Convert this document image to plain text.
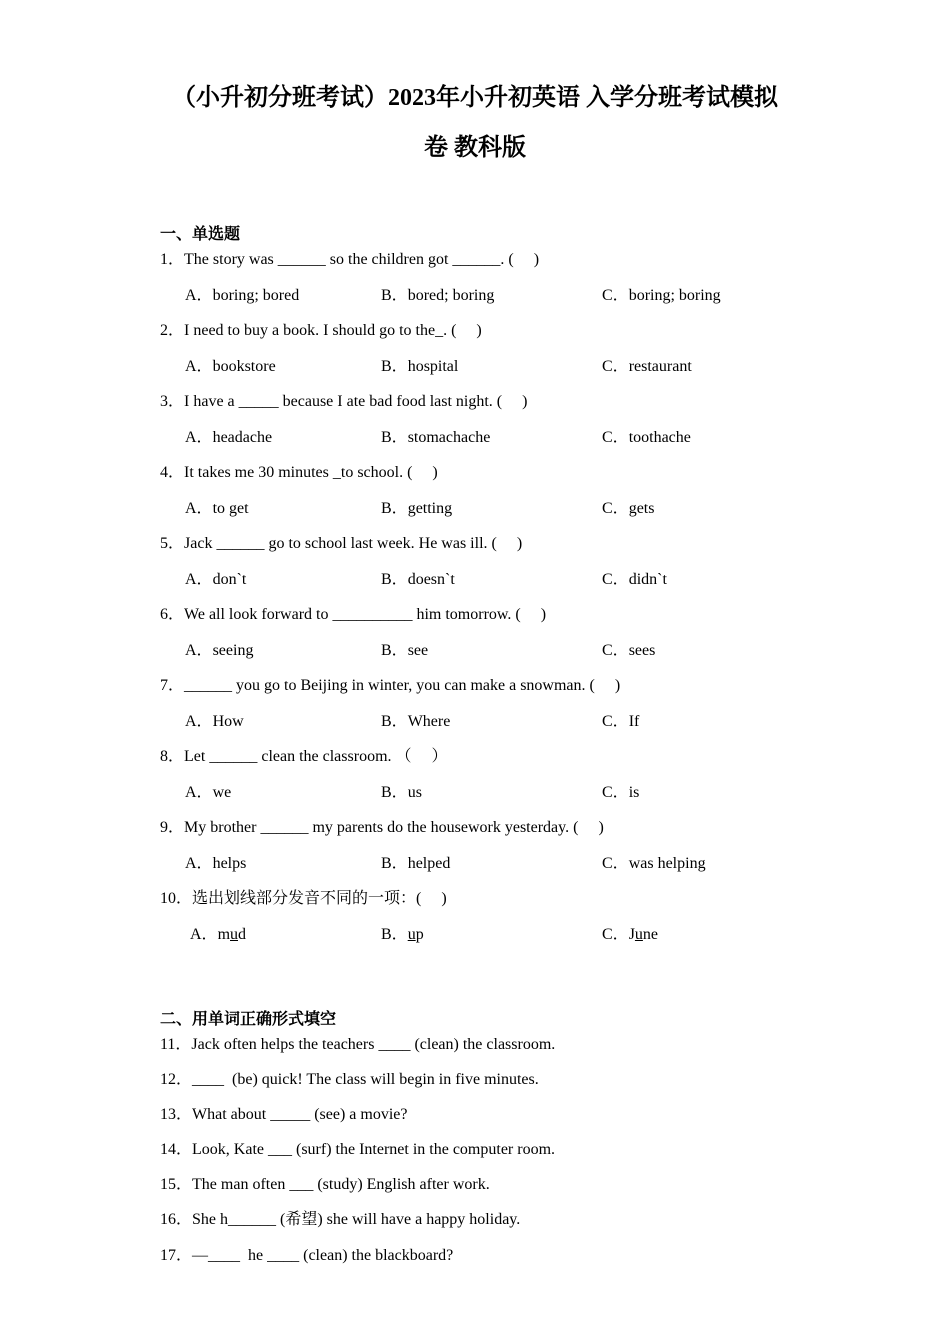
（小升初分班考试）2023年小升初英语 入学分班考试模拟
卷 教科版
一、单选题
1．The story was ______ so the children got ______. (     )

A．boring; bored

	B．bored; boring

	C．boring; boring

2．I need to buy a book. I should go to the_. (     )

A．bookstore

	B．hospital

	C．restaurant

3．I have a _____ because I ate bad food last night. (     )

A．headache

	B．stomachache

	C．toothache

4．It takes me 30 minutes _to school. (     )

A．to get

	B．getting

	C．gets

5．Jack ______ go to school last week. He was ill. (     )

A．don`t

	B．doesn`t

	C．didn`t

6．We all look forward to __________ him tomorrow. (     )

A．seeing

	B．see

	C．sees

7．______ you go to Beijing in winter, you can make a snowman. (     )

A．How

	B．Where

	C．If

8．Let ______ clean the classroom. （     ）

A．we

	B．us

	C．is

9．My brother ______ my parents do the housework yesterday. (     )

A．helps

	B．helped

	C．was helping

10．选出划线部分发音不同的一项：(     )

A．mud

	B．up

	C．June

二、用单词正确形式填空
11．Jack often helps the teachers ____ (clean) the classroom.
12．____  (be) quick! The class will begin in five minutes.
13．What about _____ (see) a movie?
14．Look, Kate ___ (surf) the Internet in the computer room.
15．The man often ___ (study) English after work.
16．She h______ (希望) she will have a happy holiday.
17．—____  he ____ (clean) the blackboard?
